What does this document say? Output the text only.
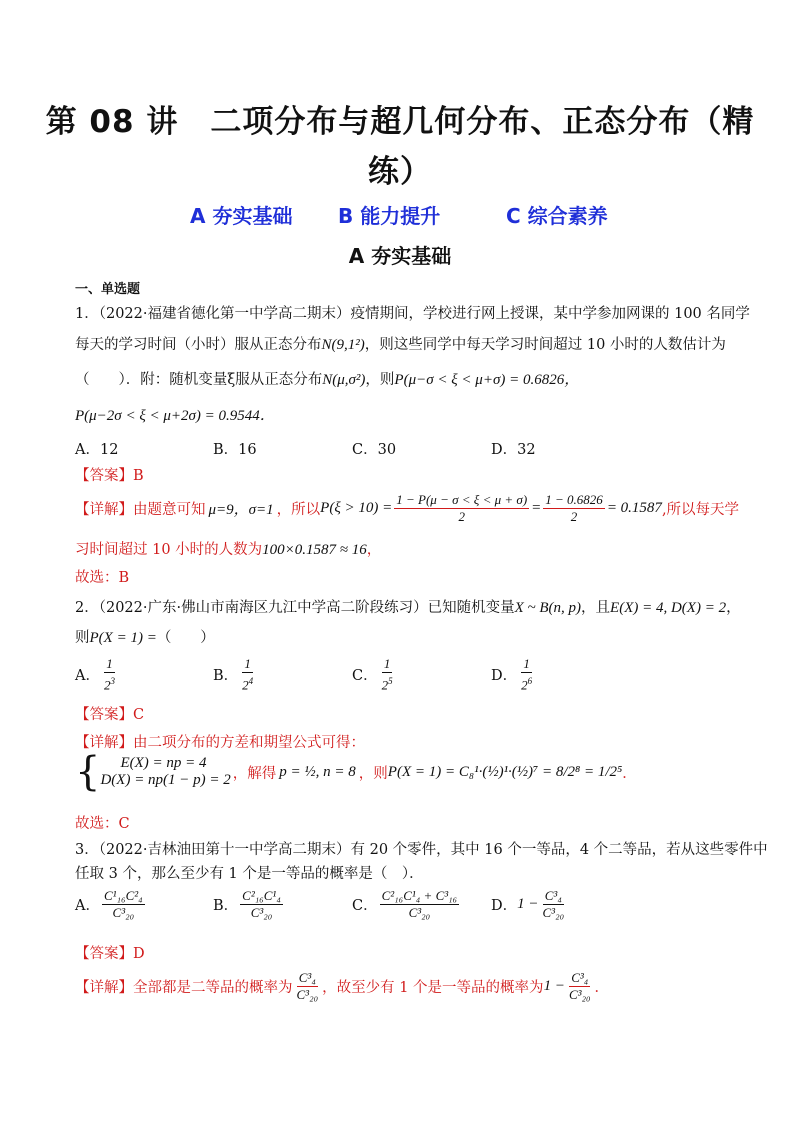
第 08 讲　二项分布与超几何分布、正态分布（精
练）
A 夯实基础 B 能力提升	C 综合素养
A 夯实基础
一、单选题
1．（2022·福建省德化第一中学高二期末）疫情期间，学校进行网上授课，某中学参加网课的 100 名同学
每天的学习时间（小时）服从正态分布N(9,1²)，则这些同学中每天学习时间超过 10 小时的人数估计为
（　　）．附：随机变量ξ服从正态分布N(μ,σ²)，则P(μ−σ < ξ < μ+σ) = 0.6826，
P(μ−2σ < ξ < μ+2σ) = 0.9544．
A．12	B．16	C．30	D．32
【答案】B
【详解】 由题意可知 μ=9，σ=1 ，所以 $P(\xi > 10) = \frac{1 - P(\mu - \sigma < \xi < \mu + \sigma)}{2} = \frac{1 - 0.6826}{2} = 0.1587$ ,所以每天学
习时间超过 10 小时的人数为100×0.1587 ≈ 16，
故选：B
2．（2022·广东·佛山市南海区九江中学高二阶段练习）已知随机变量X ~ B(n, p)，且E(X) = 4, D(X) = 2，
则P(X = 1) =（　　）
A． $\frac{1}{2^3}$	B． $\frac{1}{2^4}$	C． $\frac{1}{2^5}$	D． $\frac{1}{2^6}$
【答案】C
【详解】由二项分布的方差和期望公式可得：
{	E(X) = np = 4
D(X) = np(1 − p) = 2 ，解得 p = ½, n = 8 ，则 P(X = 1) = C₈¹·(½)¹·(½)⁷ = 8/2⁸ = 1/2⁵ ．
故选：C
3．（2022·吉林油田第十一中学高二期末）有 20 个零件，其中 16 个一等品，4 个二等品，若从这些零件中
任取 3 个，那么至少有 1 个是一等品的概率是（　）．
A． $\frac{\text{C¹₁₆C²₄}}{\text{C³₂₀}}$	B． $\frac{\text{C²₁₆C¹₄}}{\text{C³₂₀}}$	C． $\frac{\text{C²₁₆C¹₄ + C³₁₆}}{\text{C³₂₀}}$ D． $1 - \frac{\text{C³₄}}{\text{C³₂₀}}$
【答案】D
【详解】 全部都是二等品的概率为 $\frac{\text{C³₄}}{\text{C³₂₀}}$ ，故至少有 1 个是一等品的概率为 $1 - \frac{\text{C³₄}}{\text{C³₂₀}}$ ．
